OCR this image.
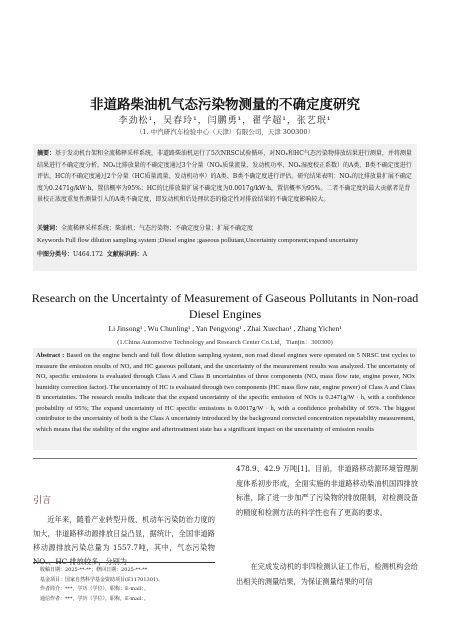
非道路柴油机气态污染物测量的不确定度研究
李劲松¹，吴春玲¹，闫鹏勇¹，翟学超¹，张艺珉¹
（1. 中汽研汽车检验中心（天津）有限公司，天津 300300）
摘要：基于发动机台架和全流稀释采样系统，非道路柴油机运行了5次NRSC试验循环，对NOₓ和HC气态污染物排放结果进行测量，并将测量结果进行不确定度分析。NOₓ比排放量的不确定度通过3个分量（NOₓ质量流量、发动机功率、NOₓ湿度校正系数）的A类、B类不确定度进行评估，HC的不确定度通过2个分量（HC质量流量、发动机功率）的A类、B类不确定度进行评估。研究结果表明：NOₓ的比排放量扩展不确定度为0.2471g/kW·h，置信概率为95%；HC的比排放量扩展不确定度为0.0017g/kW·h，置信概率为95%。二者不确定度的最大贡献者是背景校正浓度重复性测量引入的A类不确定度，即发动机和后处理状态的稳定性对排放结果的不确定度影响较大。
关键词：全流稀释采样系统；柴油机；气态污染物；不确定度分量；扩展不确定度
Keywords Full flow dilution sampling system ;Diesel engine ;gaseous pollutant,Uncertainty component;expand uncertainty
中图分类号：U464.172 文献标识码：A
Research on the Uncertainty of Measurement of Gaseous Pollutants in Non-road
Diesel Engines
Li Jinsong¹ , Wu Chunling¹ , Yan Pengyong¹ , Zhai Xuechao¹ , Zhang Yichen¹
(1.China Automotive Technology and Research Center Co.Ltd，Tianjin：300300)
Abstract : Based on the engine bench and full flow dilution sampling system, non road diesel engines were operated on 5 NRSC test cycles to measure the emission results of NOₓ and HC gaseous pollutant, and the uncertainty of the measurement results was analyzed. The uncertainty of NOₓ specific emissions is evaluated through Class A and Class B uncertainties of three components (NOₓ mass flow rate, engine power, NOx humidity correction factor). The uncertainty of HC is evaluated through two components (HC mass flow rate, engine power) of Class A and Class B uncertainties. The research results indicate that the expand uncertainty of the specific emission of NOx is 0.2471g/W · h, with a confidence probability of 95%; The expand uncertainty of HC specific emissions is 0.0017g/W · h, with a confidence probability of 95%. The biggest contributor to the uncertainty of both is the Class A uncertainty introduced by the background corrected concentration repeatability measurement, which means that the stability of the engine and aftertreatment state has a significant impact on the uncertainty of emission results
引言
近年来，随着产业转型升级、机动车污染防治力度的加大，非道路移动源排放日益凸显，据统计，全国非道路移动源排放污染总量为 1557.7吨，其中，气态污染物 NOₓ、HC 排放较多，分别为
478.9、42.9 万吨[1]。目前，非道路移动源环境管理制度体系初步形成，全面实施的非道路移动柴油机国四排放标准，除了进一步加严了污染物的排放限制，对检测设备的精度和检测方法的科学性也有了更高的要求。
在完成发动机的非四检测认证工作后，检测机构会给出相关的测量结果，为保证测量结果的可信
收稿日期：2025-**-**；修回日期：2025-**-**
基金项目：国家自然科学基金资助项目(E11701301)。
作者简介：***，学历（学位），职称；E-mail：。
通信作者：***，学历（学位），职称，E-mail：。
